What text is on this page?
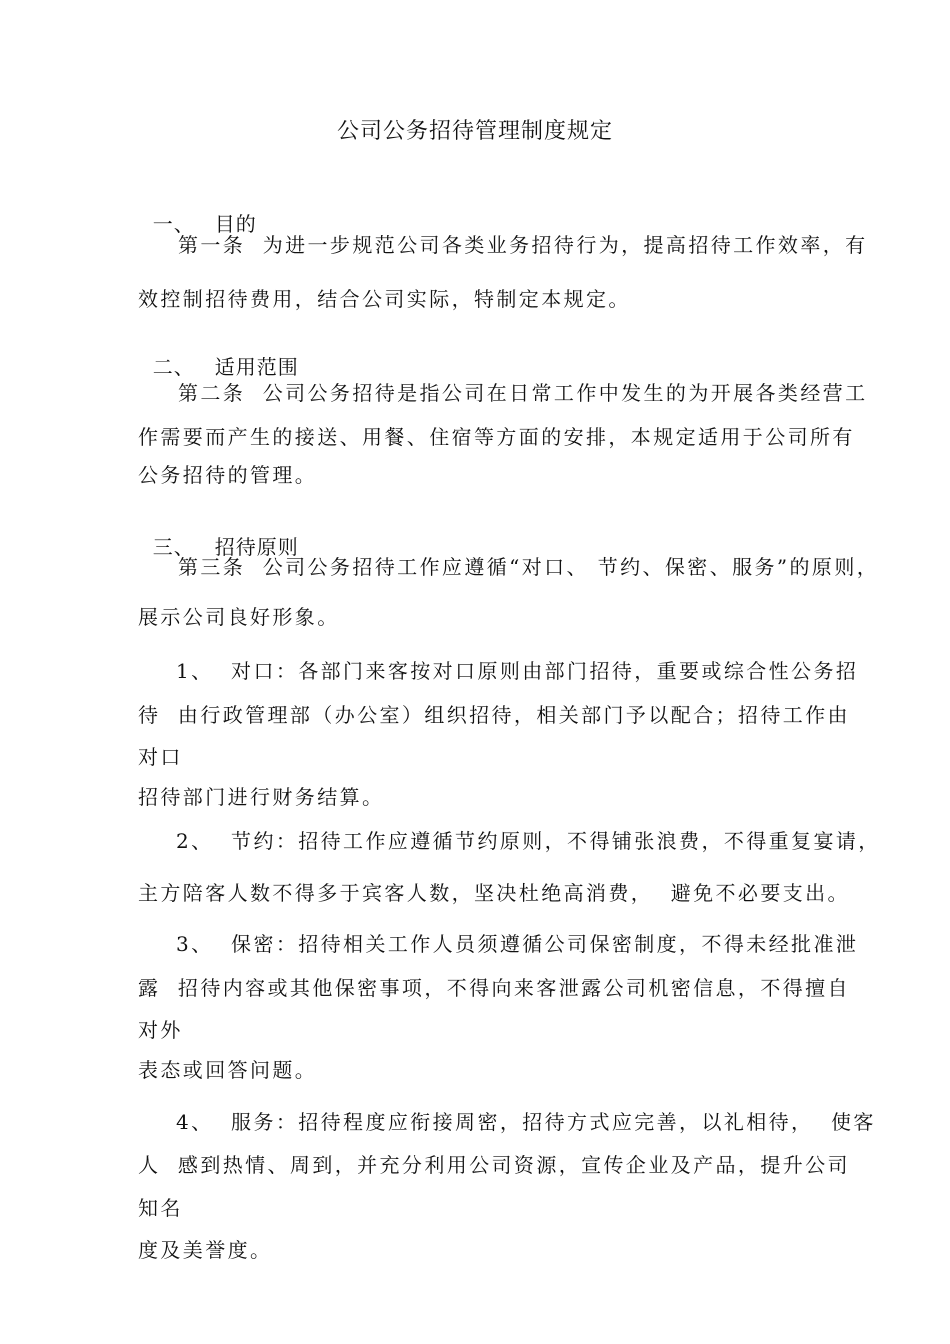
公司公务招待管理制度规定

一、 目的

第一条  为进一步规范公司各类业务招待行为，提高招待工作效率，有
效控制招待费用，结合公司实际，特制定本规定。

二、 适用范围

第二条  公司公务招待是指公司在日常工作中发生的为开展各类经营工
作需要而产生的接送、用餐、住宿等方面的安排，本规定适用于公司所有
公务招待的管理。

三、 招待原则

第三条  公司公务招待工作应遵循“对口、 节约、保密、服务”的原则，
展示公司良好形象。
1、  对口：各部门来客按对口原则由部门招待，重要或综合性公务招
待  由行政管理部（办公室）组织招待，相关部门予以配合；招待工作由
对口
招待部门进行财务结算。
2、  节约：招待工作应遵循节约原则，不得铺张浪费，不得重复宴请，
主方陪客人数不得多于宾客人数，坚决杜绝高消费，  避免不必要支出。
3、  保密：招待相关工作人员须遵循公司保密制度，不得未经批准泄
露  招待内容或其他保密事项，不得向来客泄露公司机密信息，不得擅自
对外
表态或回答问题。
4、  服务：招待程度应衔接周密，招待方式应完善，以礼相待，  使客
人  感到热情、周到，并充分利用公司资源，宣传企业及产品，提升公司
知名
度及美誉度。
